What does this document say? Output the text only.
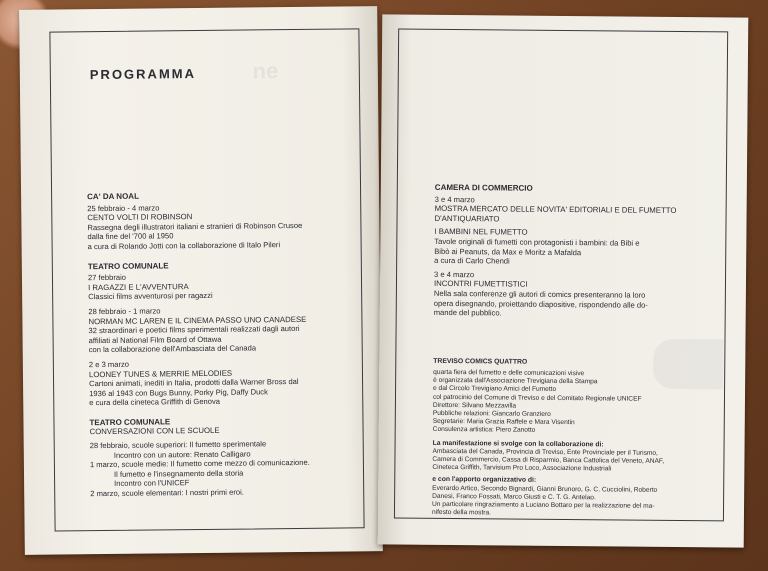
ne
PROGRAMMA
CA' DA NOAL
25 febbraio - 4 marzo
CENTO VOLTI DI ROBINSON
Rassegna degli illustratori italiani e stranieri di Robinson Crusoe
dalla fine del '700 al 1950
a cura di Rolando Jotti con la collaborazione di Italo Pileri
TEATRO COMUNALE
27 febbraio
I RAGAZZI E L'AVVENTURA
Classici films avventurosi per ragazzi
28 febbraio - 1 marzo
NORMAN MC LAREN E IL CINEMA PASSO UNO CANADESE
32 straordinari e poetici films sperimentali realizzati dagli autori
affiliati al National Film Board of Ottawa
con la collaborazione dell'Ambasciata del Canada
2 e 3 marzo
LOONEY TUNES & MERRIE MELODIES
Cartoni animati, inediti in Italia, prodotti dalla Warner Bross dal
1936 al 1943 con Bugs Bunny, Porky Pig, Daffy Duck
e cura della cineteca Griffith di Genova
TEATRO COMUNALE
CONVERSAZIONI CON LE SCUOLE
28 febbraio, scuole superiori: Il fumetto sperimentale
Incontro con un autore: Renato Calligaro
1 marzo, scuole medie: Il fumetto come mezzo di comunicazione.
Il fumetto e l'insegnamento della storia
Incontro con l'UNICEF
2 marzo, scuole elementari: I nostri primi eroi.
CAMERA DI COMMERCIO
3 e 4 marzo
MOSTRA MERCATO DELLE NOVITA' EDITORIALI E DEL FUMETTO
D'ANTIQUARIATO
I BAMBINI NEL FUMETTO
Tavole originali di fumetti con protagonisti i bambini: da Bibi e
Bibò ai Peanuts, da Max e Moritz a Mafalda
a cura di Carlo Chendi
3 e 4 marzo
INCONTRI FUMETTISTICI
Nella sala conferenze gli autori di comics presenteranno la loro
opera disegnando, proiettando diapositive, rispondendo alle do-
mande del pubblico.
TREVISO COMICS QUATTRO
quarta fiera del fumetto e delle comunicazioni visive
è organizzata dall'Associazione Trevigiana della Stampa
e dal Circolo Trevigiano Amici del Fumetto
col patrocinio del Comune di Treviso e del Comitato Regionale UNICEF
Direttore: Silvano Mezzavilla
Pubbliche relazioni: Giancarlo Granziero
Segretarie: Maria Grazia Raffele e Mara Visentin
Consulenza artistica: Piero Zanotto
La manifestazione si svolge con la collaborazione di:
Ambasciata del Canada, Provincia di Treviso, Ente Provinciale per il Turismo,
Camera di Commercio, Cassa di Risparmio, Banca Cattolica del Veneto, ANAF,
Cineteca Griffith, Tarvisium Pro Loco, Associazione Industriali
e con l'apporto organizzativo di:
Everardo Artico, Secondo Bignardi, Gianni Brunoro, G. C. Cucciolini, Roberto
Danesi, Franco Fossati, Marco Giusti e C. T. G. Antelao.
Un particolare ringraziamento a Luciano Bottaro per la realizzazione del ma-
nifesto della mostra.
